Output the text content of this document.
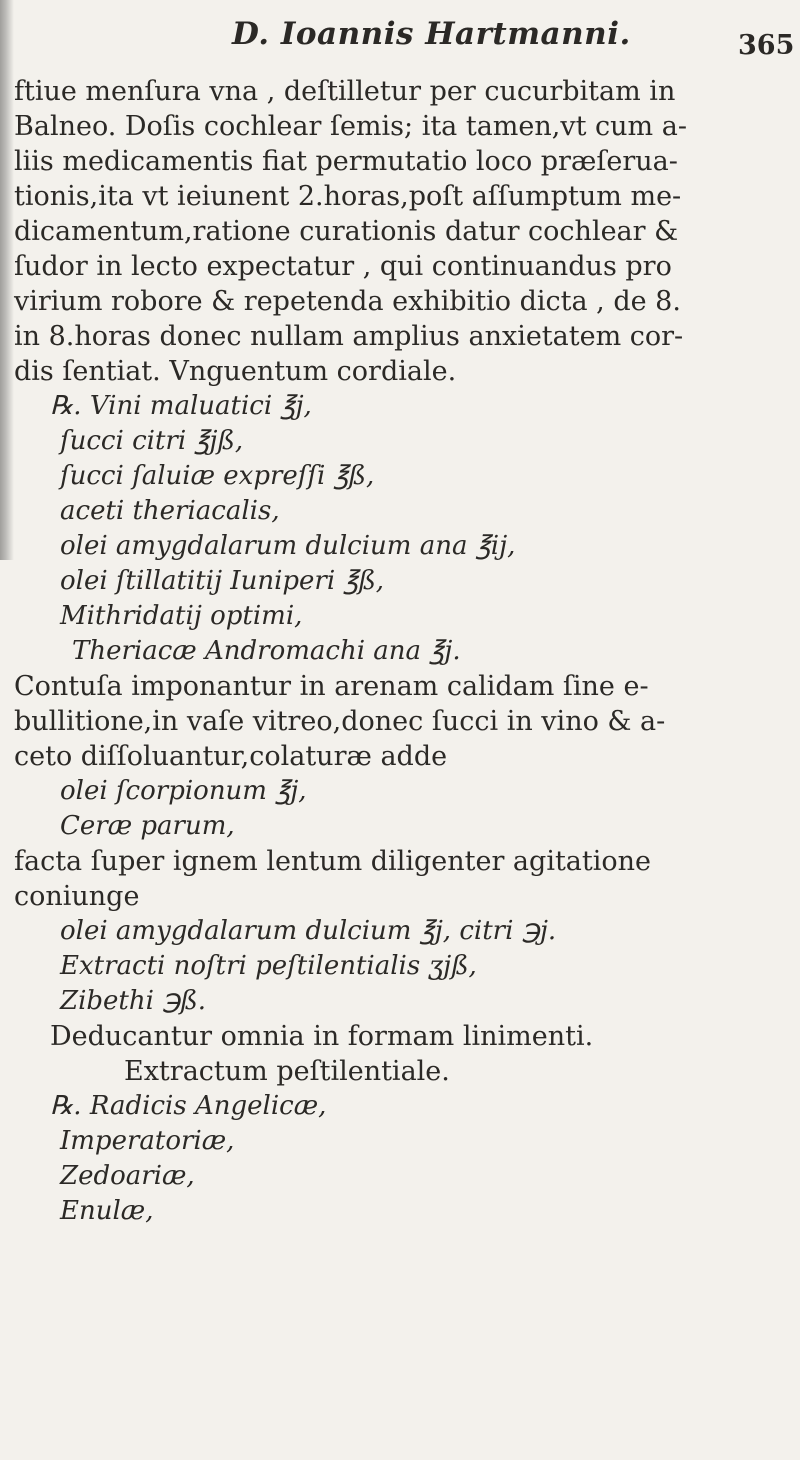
D. Ioannis Hartmanni.	365
ftiue menſura vna , deſtilletur per cucurbitam in
Balneo. Doſis cochlear ſemis; ita tamen,vt cum a-
liis medicamentis fiat permutatio loco præſerua-
tionis,ita vt ieiunent 2.horas,poſt aſſumptum me-
dicamentum,ratione curationis datur cochlear &
ſudor in lecto expectatur , qui continuandus pro
virium robore & repetenda exhibitio dicta , de 8.
in 8.horas donec nullam amplius anxietatem cor-
dis ſentiat. Vnguentum cordiale.
℞. Vini maluatici ℥j,
ſucci citri ℥jß,
ſucci ſaluiæ expreſſi ℥ß,
aceti theriacalis,
olei amygdalarum dulcium ana ℥ij,
olei ſtillatitij Iuniperi ℥ß,
Mithridatij optimi,
Theriacæ Andromachi ana ℥j.
Contuſa imponantur in arenam calidam ſine e-
bullitione,in vaſe vitreo,donec ſucci in vino & a-
ceto diſſoluantur,colaturæ adde
olei ſcorpionum ℥j,
Ceræ parum,
facta ſuper ignem lentum diligenter agitatione
coniunge
olei amygdalarum dulcium ℥j, citri ℈j.
Extracti noſtri peſtilentialis ʒjß,
Zibethi ℈ß.
Deducantur omnia in formam linimenti.
Extractum peſtilentiale.
℞. Radicis Angelicæ,
Imperatoriæ,
Zedoariæ,
Enulæ,
